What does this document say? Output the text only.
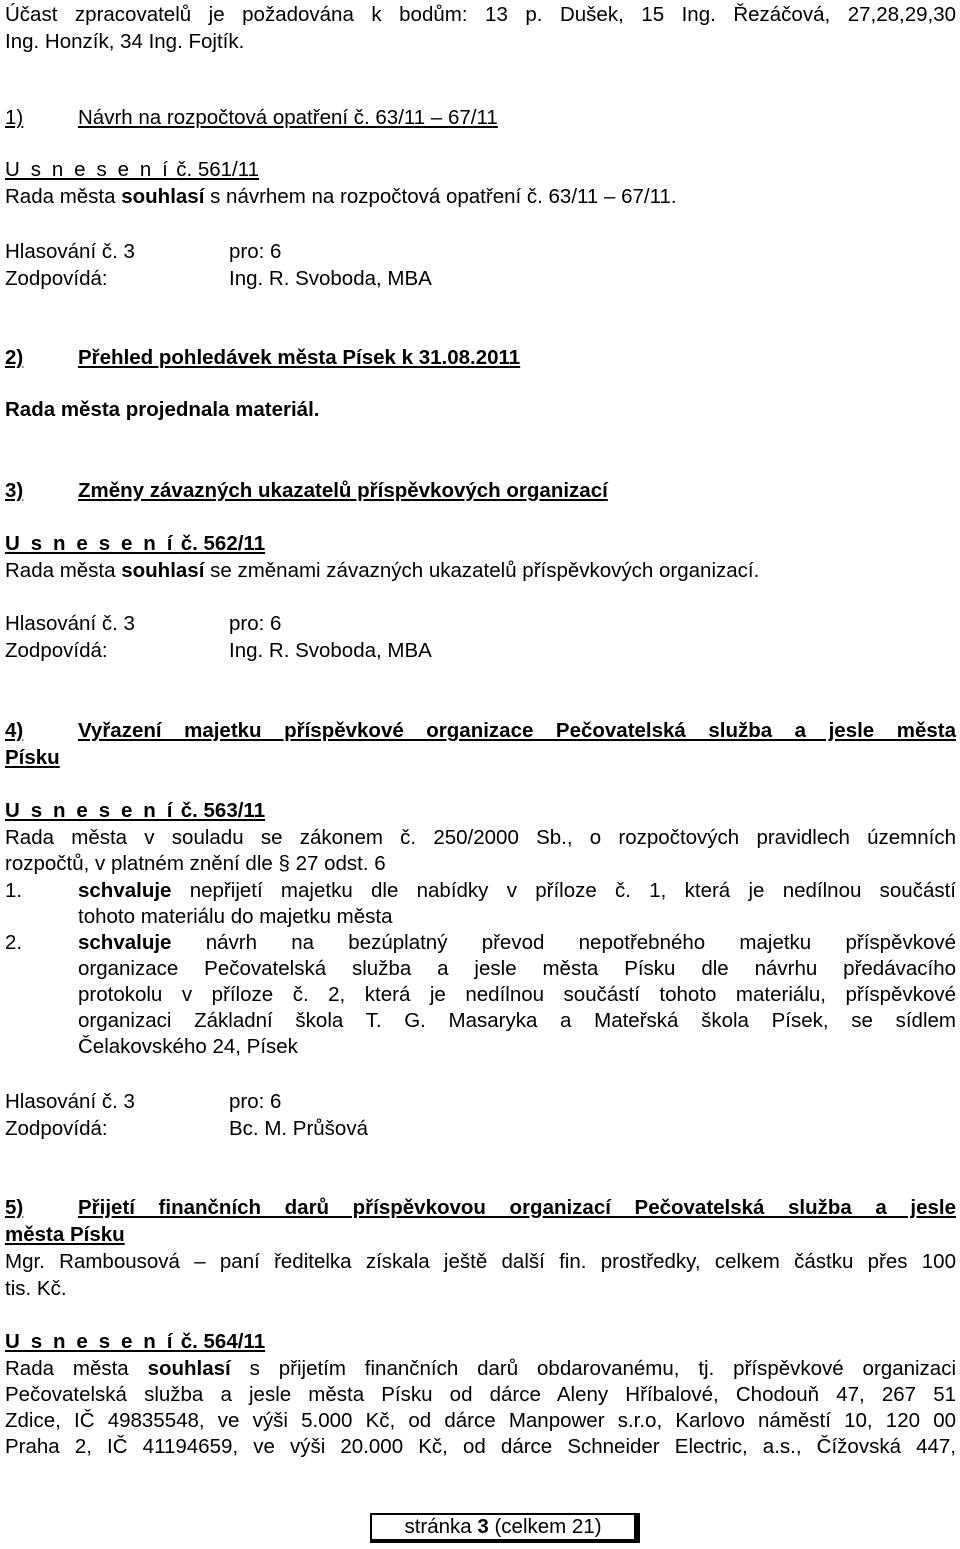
Účast zpracovatelů je požadována k bodům: 13 p. Dušek, 15 Ing. Řezáčová, 27,28,29,30
Ing. Honzík, 34 Ing. Fojtík.
1)	Návrh na rozpočtová opatření č. 63/11 – 67/11
U s n e s e n í č. 561/11
Rada města souhlasí s návrhem na rozpočtová opatření č. 63/11 – 67/11.
Hlasování č. 3	pro: 6
Zodpovídá:	Ing. R. Svoboda, MBA
2)	Přehled pohledávek města Písek k 31.08.2011
Rada města projednala materiál.
3)	Změny závazných ukazatelů příspěvkových organizací
U s n e s e n í č. 562/11
Rada města souhlasí se změnami závazných ukazatelů příspěvkových organizací.
Hlasování č. 3	pro: 6
Zodpovídá:	Ing. R. Svoboda, MBA
4)	Vyřazení majetku příspěvkové organizace Pečovatelská služba a jesle města
Písku
U s n e s e n í č. 563/11
Rada města v souladu se zákonem č. 250/2000 Sb., o rozpočtových pravidlech územních
rozpočtů, v platném znění dle § 27 odst. 6
1.	schvaluje nepřijetí majetku dle nabídky v příloze č. 1, která je nedílnou součástí
tohoto materiálu do majetku města
2.	schvaluje návrh na bezúplatný převod nepotřebného majetku příspěvkové
organizace Pečovatelská služba a jesle města Písku dle návrhu předávacího
protokolu v příloze č. 2, která je nedílnou součástí tohoto materiálu, příspěvkové
organizaci Základní škola T. G. Masaryka a Mateřská škola Písek, se sídlem
Čelakovského 24, Písek
Hlasování č. 3	pro: 6
Zodpovídá:	Bc. M. Průšová
5)	Přijetí finančních darů příspěvkovou organizací Pečovatelská služba a jesle
města Písku
Mgr. Rambousová – paní ředitelka získala ještě další fin. prostředky, celkem částku přes 100
tis. Kč.
U s n e s e n í č. 564/11
Rada města souhlasí s přijetím finančních darů obdarovanému, tj. příspěvkové organizaci
Pečovatelská služba a jesle města Písku od dárce Aleny Hříbalové, Chodouň 47, 267 51
Zdice, IČ 49835548, ve výši 5.000 Kč, od dárce Manpower s.r.o, Karlovo náměstí 10, 120 00
Praha 2, IČ 41194659, ve výši 20.000 Kč, od dárce Schneider Electric, a.s., Čížovská 447,
stránka 3 (celkem 21)
